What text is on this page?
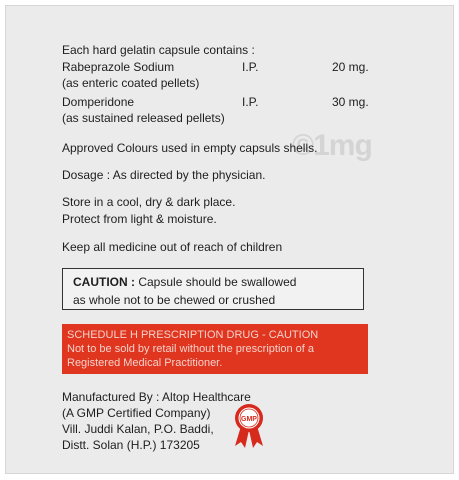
©1mg
Each hard gelatin capsule contains :
Rabeprazole Sodium	I.P.	20 mg.
(as enteric coated pellets)
Domperidone	I.P.	30 mg.
(as sustained released pellets)
Approved Colours used in empty capsuls shells.
Dosage : As directed by the physician.
Store in a cool, dry & dark place.
Protect from light & moisture.
Keep all medicine out of reach of children
CAUTION : Capsule should be swallowed
as whole not to be chewed or crushed
SCHEDULE H PRESCRIPTION DRUG - CAUTION
Not to be sold by retail without the prescription of a
Registered Medical Practitioner.
Manufactured By : Altop Healthcare
(A GMP Certified Company)
Vill. Juddi Kalan, P.O. Baddi,
Distt. Solan (H.P.) 173205
GMP
